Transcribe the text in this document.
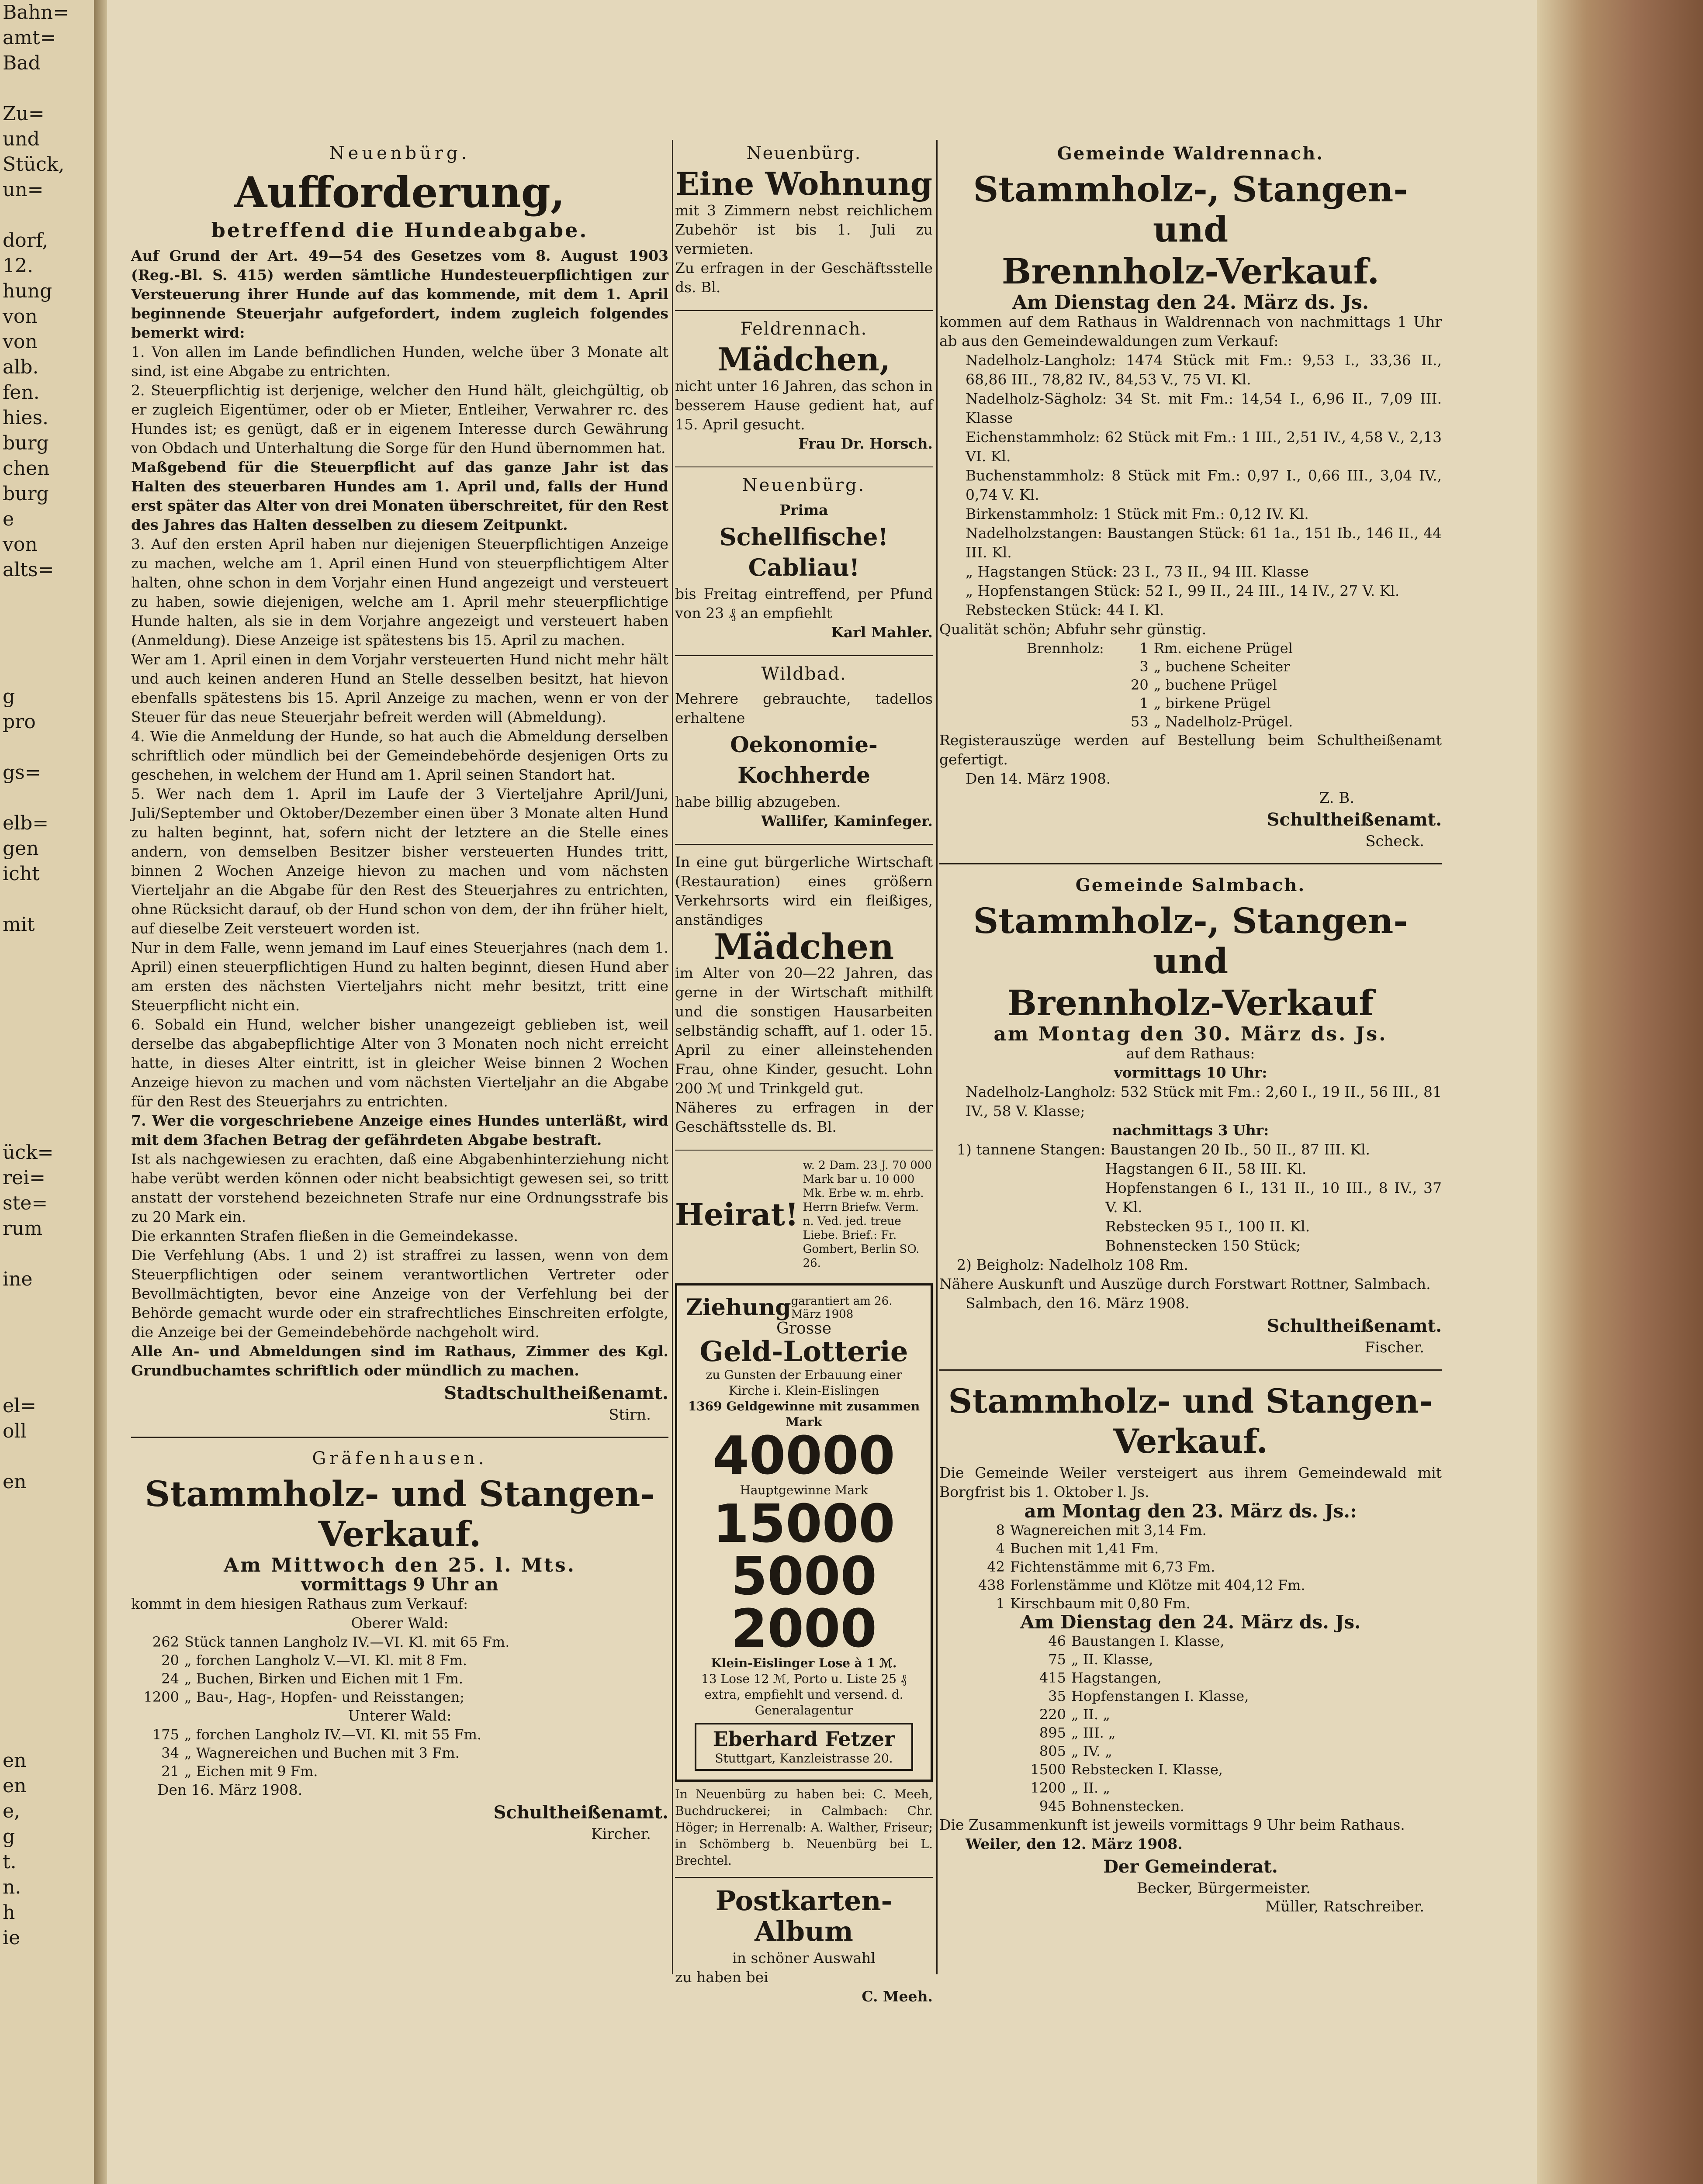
Bahn=
amt=
Bad

Zu=
und
Stück,
un=

dorf,
12.
hung
von
von
alb.
fen.
hies.
burg
chen
burg
e
von
alts=

g
pro

gs=

elb=
gen
icht

mit

ück=
rei=
ste=
rum

ine

el=
oll

en

en
en
e,
g
t.
n.
h
ie
Neuenbürg.
Aufforderung,
betreffend die Hundeabgabe.

Auf Grund der Art. 49—54 des Gesetzes vom 8. August 1903 (Reg.-Bl. S. 415) werden sämtliche Hundesteuerpflichtigen zur Versteuerung ihrer Hunde auf das kommende, mit dem 1. April beginnende Steuerjahr aufgefordert, indem zugleich folgendes bemerkt wird:

1. Von allen im Lande befindlichen Hunden, welche über 3 Monate alt sind, ist eine Abgabe zu entrichten.

2. Steuerpflichtig ist derjenige, welcher den Hund hält, gleichgültig, ob er zugleich Eigentümer, oder ob er Mieter, Entleiher, Verwahrer rc. des Hundes ist; es genügt, daß er in eigenem Interesse durch Gewährung von Obdach und Unterhaltung die Sorge für den Hund übernommen hat.

Maßgebend für die Steuerpflicht auf das ganze Jahr ist das Halten des steuerbaren Hundes am 1. April und, falls der Hund erst später das Alter von drei Monaten überschreitet, für den Rest des Jahres das Halten desselben zu diesem Zeitpunkt.

3. Auf den ersten April haben nur diejenigen Steuerpflichtigen Anzeige zu machen, welche am 1. April einen Hund von steuerpflichtigem Alter halten, ohne schon in dem Vorjahr einen Hund angezeigt und versteuert zu haben, sowie diejenigen, welche am 1. April mehr steuerpflichtige Hunde halten, als sie in dem Vorjahre angezeigt und versteuert haben (Anmeldung). Diese Anzeige ist spätestens bis 15. April zu machen.

Wer am 1. April einen in dem Vorjahr versteuerten Hund nicht mehr hält und auch keinen anderen Hund an Stelle desselben besitzt, hat hievon ebenfalls spätestens bis 15. April Anzeige zu machen, wenn er von der Steuer für das neue Steuerjahr befreit werden will (Abmeldung).

4. Wie die Anmeldung der Hunde, so hat auch die Abmeldung derselben schriftlich oder mündlich bei der Gemeindebehörde desjenigen Orts zu geschehen, in welchem der Hund am 1. April seinen Standort hat.

5. Wer nach dem 1. April im Laufe der 3 Vierteljahre April/Juni, Juli/September und Oktober/Dezember einen über 3 Monate alten Hund zu halten beginnt, hat, sofern nicht der letztere an die Stelle eines andern, von demselben Besitzer bisher versteuerten Hundes tritt, binnen 2 Wochen Anzeige hievon zu machen und vom nächsten Vierteljahr an die Abgabe für den Rest des Steuerjahres zu entrichten, ohne Rücksicht darauf, ob der Hund schon von dem, der ihn früher hielt, auf dieselbe Zeit versteuert worden ist.

Nur in dem Falle, wenn jemand im Lauf eines Steuerjahres (nach dem 1. April) einen steuerpflichtigen Hund zu halten beginnt, diesen Hund aber am ersten des nächsten Vierteljahrs nicht mehr besitzt, tritt eine Steuerpflicht nicht ein.

6. Sobald ein Hund, welcher bisher unangezeigt geblieben ist, weil derselbe das abgabepflichtige Alter von 3 Monaten noch nicht erreicht hatte, in dieses Alter eintritt, ist in gleicher Weise binnen 2 Wochen Anzeige hievon zu machen und vom nächsten Vierteljahr an die Abgabe für den Rest des Steuerjahrs zu entrichten.

7. Wer die vorgeschriebene Anzeige eines Hundes unterläßt, wird mit dem 3fachen Betrag der gefährdeten Abgabe bestraft.

Ist als nachgewiesen zu erachten, daß eine Abgabenhinterziehung nicht habe verübt werden können oder nicht beabsichtigt gewesen sei, so tritt anstatt der vorstehend bezeichneten Strafe nur eine Ordnungsstrafe bis zu 20 Mark ein.

Die erkannten Strafen fließen in die Gemeindekasse.

Die Verfehlung (Abs. 1 und 2) ist straffrei zu lassen, wenn von dem Steuerpflichtigen oder seinem verantwortlichen Vertreter oder Bevollmächtigten, bevor eine Anzeige von der Verfehlung bei der Behörde gemacht wurde oder ein strafrechtliches Einschreiten erfolgte, die Anzeige bei der Gemeindebehörde nachgeholt wird.

Alle An- und Abmeldungen sind im Rathaus, Zimmer des Kgl. Grundbuchamtes schriftlich oder mündlich zu machen.

Stadtschultheißenamt.
Stirn.
Gräfenhausen.
Stammholz- und Stangen-Verkauf.

Am Mittwoch den 25. l. Mts.

vormittags 9 Uhr an

kommt in dem hiesigen Rathaus zum Verkauf:

Oberer Wald:

262	Stück tannen Langholz IV.—VI. Kl. mit 65 Fm.
20	„ forchen Langholz V.—VI. Kl. mit 8 Fm.
24	„ Buchen, Birken und Eichen mit 1 Fm.
1200	„ Bau-, Hag-, Hopfen- und Reisstangen;

Unterer Wald:

175	„ forchen Langholz IV.—VI. Kl. mit 55 Fm.
34	„ Wagnereichen und Buchen mit 3 Fm.
21	„ Eichen mit 9 Fm.

Den 16. März 1908.

Schultheißenamt.
Kircher.
Neuenbürg.
Eine Wohnung

mit 3 Zimmern nebst reichlichem Zubehör ist bis 1. Juli zu vermieten.

Zu erfragen in der Geschäftsstelle ds. Bl.

Feldrennach.
Mädchen,

nicht unter 16 Jahren, das schon in besserem Hause gedient hat, auf 15. April gesucht.

Frau Dr. Horsch.

Neuenbürg.

Prima

Schellfische! Cabliau!

bis Freitag eintreffend, per Pfund von 23 ₰ an empfiehlt

Karl Mahler.

Wildbad.

Mehrere gebrauchte, tadellos erhaltene

Oekonomie-Kochherde

habe billig abzugeben.

Wallifer, Kaminfeger.

In eine gut bürgerliche Wirtschaft (Restauration) eines größern Verkehrsorts wird ein fleißiges, anständiges

Mädchen

im Alter von 20—22 Jahren, das gerne in der Wirtschaft mithilft und die sonstigen Hausarbeiten selbständig schafft, auf 1. oder 15. April zu einer alleinstehenden Frau, ohne Kinder, gesucht. Lohn 200 ℳ und Trinkgeld gut.

Näheres zu erfragen in der Geschäftsstelle ds. Bl.

Heirat!
w. 2 Dam. 23 J. 70 000 Mark bar u. 10 000 Mk. Erbe w. m. ehrb. Herrn Briefw. Verm. n. Ved. jed. treue Liebe. Brief.: Fr. Gombert, Berlin SO. 26.
Ziehung garantiert am 26. März 1908
Grosse
Geld-Lotterie
zu Gunsten der Erbauung einer Kirche i. Klein-Eislingen
1369 Geldgewinne mit zusammen Mark
40000
Hauptgewinne Mark
15000
5000
2000
Klein-Eislinger Lose à 1 ℳ.
13 Lose 12 ℳ, Porto u. Liste 25 ₰ extra, empfiehlt und versend. d. Generalagentur
Eberhard Fetzer
Stuttgart, Kanzleistrasse 20.

In Neuenbürg zu haben bei: C. Meeh, Buchdruckerei; in Calmbach: Chr. Höger; in Herrenalb: A. Walther, Friseur; in Schömberg b. Neuenbürg bei L. Brechtel.

Postkarten-Album

in schöner Auswahl

zu haben bei

C. Meeh.

Gemeinde Waldrennach.
Stammholz-, Stangen- und
Brennholz-Verkauf.

Am Dienstag den 24. März ds. Js.

kommen auf dem Rathaus in Waldrennach von nachmittags 1 Uhr ab aus den Gemeindewaldungen zum Verkauf:

Nadelholz-Langholz: 1474 Stück mit Fm.: 9,53 I., 33,36 II., 68,86 III., 78,82 IV., 84,53 V., 75 VI. Kl.

Nadelholz-Sägholz: 34 St. mit Fm.: 14,54 I., 6,96 II., 7,09 III. Klasse

Eichenstammholz: 62 Stück mit Fm.: 1 III., 2,51 IV., 4,58 V., 2,13 VI. Kl.

Buchenstammholz: 8 Stück mit Fm.: 0,97 I., 0,66 III., 3,04 IV., 0,74 V. Kl.

Birkenstammholz: 1 Stück mit Fm.: 0,12 IV. Kl.

Nadelholzstangen: Baustangen Stück: 61 1a., 151 Ib., 146 II., 44 III. Kl.

„ Hagstangen Stück: 23 I., 73 II., 94 III. Klasse

„ Hopfenstangen Stück: 52 I., 99 II., 24 III., 14 IV., 27 V. Kl.

Rebstecken Stück: 44 I. Kl.

Qualität schön; Abfuhr sehr günstig.

Brennholz:	1	Rm. eichene Prügel
	3	„ buchene Scheiter
	20	„ buchene Prügel
	1	„ birkene Prügel
	53	„ Nadelholz-Prügel.

Registerauszüge werden auf Bestellung beim Schultheißenamt gefertigt.

Den 14. März 1908.

Z. B.
Schultheißenamt.
Scheck.
Gemeinde Salmbach.
Stammholz-, Stangen- und
Brennholz-Verkauf

am Montag den 30. März ds. Js.

auf dem Rathaus:

vormittags 10 Uhr:

Nadelholz-Langholz: 532 Stück mit Fm.: 2,60 I., 19 II., 56 III., 81 IV., 58 V. Klasse;

nachmittags 3 Uhr:

1) tannene Stangen: Baustangen 20 Ib., 50 II., 87 III. Kl.

Hagstangen 6 II., 58 III. Kl.

Hopfenstangen 6 I., 131 II., 10 III., 8 IV., 37 V. Kl.

Rebstecken 95 I., 100 II. Kl.

Bohnenstecken 150 Stück;

2) Beigholz: Nadelholz 108 Rm.

Nähere Auskunft und Auszüge durch Forstwart Rottner, Salmbach.

Salmbach, den 16. März 1908.

Schultheißenamt.
Fischer.
Stammholz- und Stangen-Verkauf.

Die Gemeinde Weiler versteigert aus ihrem Gemeindewald mit Borgfrist bis 1. Oktober l. Js.

am Montag den 23. März ds. Js.:

8	Wagnereichen mit 3,14 Fm.
4	Buchen mit 1,41 Fm.
42	Fichtenstämme mit 6,73 Fm.
438	Forlenstämme und Klötze mit 404,12 Fm.
1	Kirschbaum mit 0,80 Fm.

Am Dienstag den 24. März ds. Js.

46	Baustangen I. Klasse,
75	„ II. Klasse,
415	Hagstangen,
35	Hopfenstangen I. Klasse,
220	„ II. „
895	„ III. „
805	„ IV. „
1500	Rebstecken I. Klasse,
1200	„ II. „
945	Bohnenstecken.

Die Zusammenkunft ist jeweils vormittags 9 Uhr beim Rathaus.

Weiler, den 12. März 1908.

Der Gemeinderat.
Becker, Bürgermeister.
Müller, Ratschreiber.
